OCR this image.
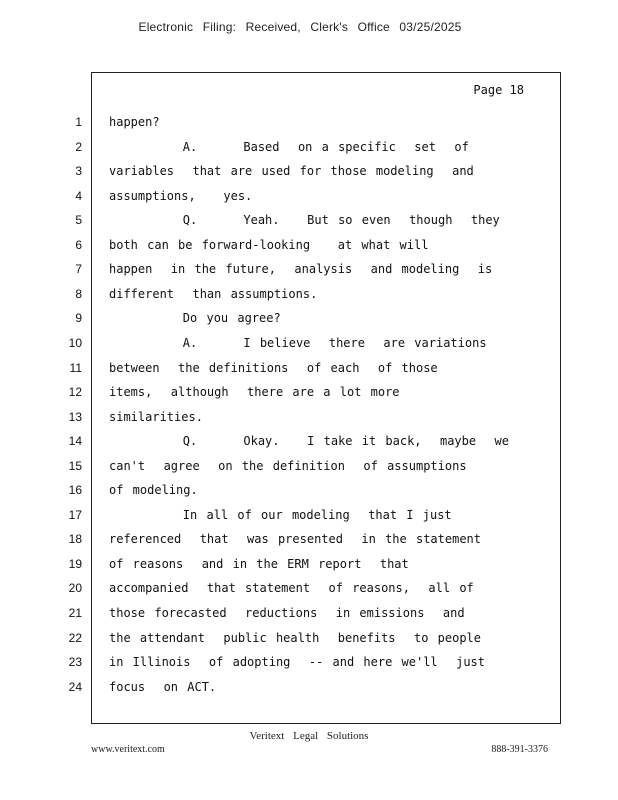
Electronic Filing: Received, Clerk's Office 03/25/2025
Page 18
1 happen?
2 A.     Based  on a specific  set  of
3 variables  that are used for those modeling  and
4 assumptions,   yes.
5 Q.     Yeah.   But so even  though  they
6 both can be forward-looking   at what will
7 happen  in the future,  analysis  and modeling  is
8 different  than assumptions.
9 Do you agree?
10 A.     I believe  there  are variations
11 between  the definitions  of each  of those
12 items,  although  there are a lot more
13 similarities.
14 Q.     Okay.   I take it back,  maybe  we
15 can't  agree  on the definition  of assumptions
16 of modeling.
17 In all of our modeling  that I just
18 referenced  that  was presented  in the statement
19 of reasons  and in the ERM report  that
20 accompanied  that statement  of reasons,  all of
21 those forecasted  reductions  in emissions  and
22 the attendant  public health  benefits  to people
23 in Illinois  of adopting  -- and here we'll  just
24 focus  on ACT.
Veritext Legal Solutions
www.veritext.com	888-391-3376
